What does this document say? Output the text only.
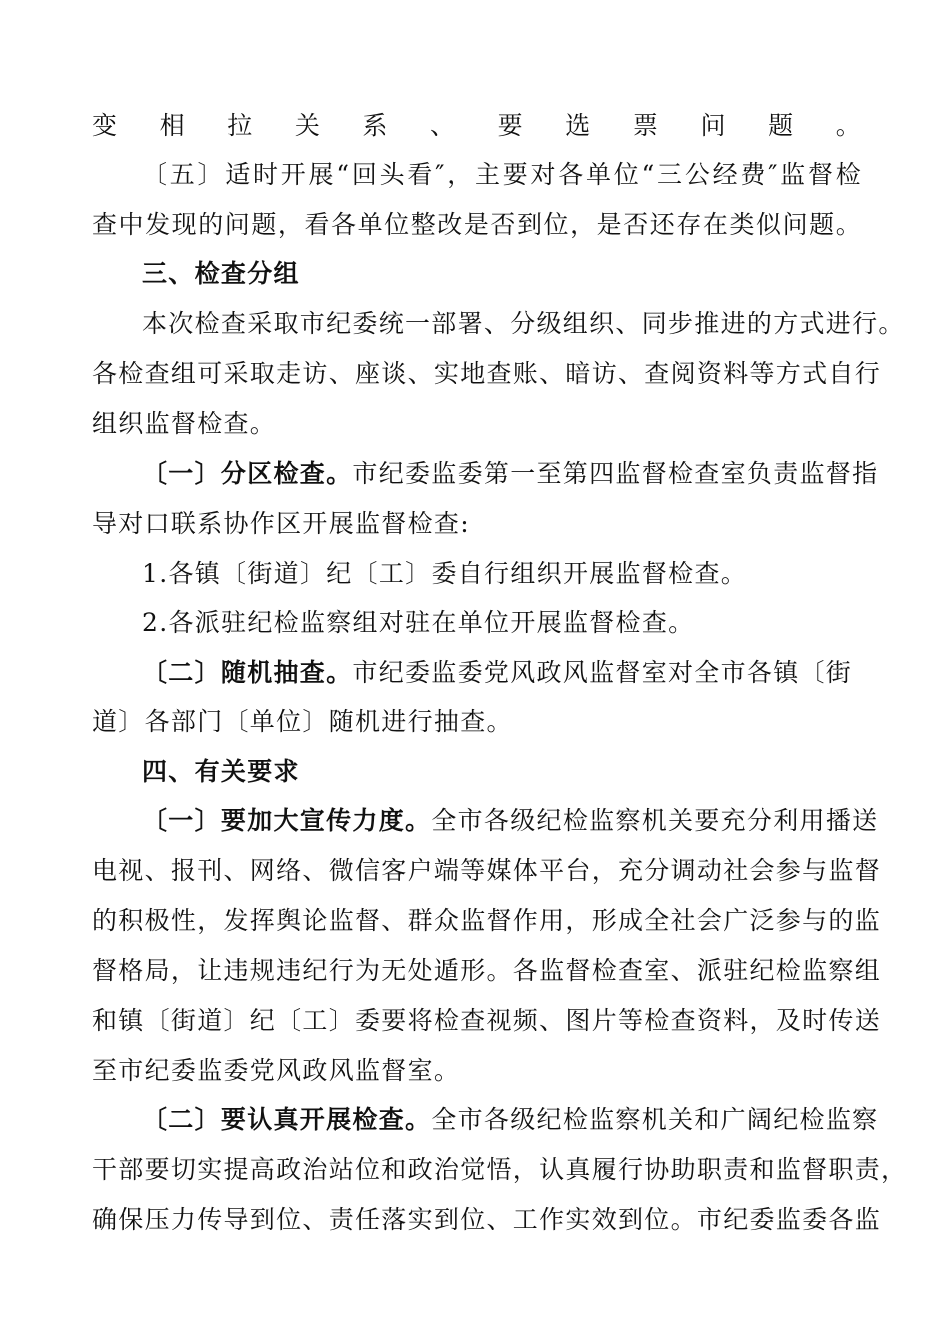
变相拉关系、要选票问题。
〔五〕适时开展“回头看″，主要对各单位“三公经费″监督检
查中发现的问题，看各单位整改是否到位，是否还存在类似问题。
三、检查分组
本次检查采取市纪委统一部署、分级组织、同步推进的方式进行。
各检查组可采取走访、座谈、实地查账、暗访、查阅资料等方式自行
组织监督检查。
〔一〕分区检查。市纪委监委第一至第四监督检查室负责监督指
导对口联系协作区开展监督检查:
1.各镇〔街道〕纪〔工〕委自行组织开展监督检查。
2.各派驻纪检监察组对驻在单位开展监督检查。
〔二〕随机抽查。市纪委监委党风政风监督室对全市各镇〔街
道〕各部门〔单位〕随机进行抽查。
四、有关要求
〔一〕要加大宣传力度。全市各级纪检监察机关要充分利用播送
电视、报刊、网络、微信客户端等媒体平台，充分调动社会参与监督
的积极性，发挥舆论监督、群众监督作用，形成全社会广泛参与的监
督格局，让违规违纪行为无处遁形。各监督检查室、派驻纪检监察组
和镇〔街道〕纪〔工〕委要将检查视频、图片等检查资料，及时传送
至市纪委监委党风政风监督室。
〔二〕要认真开展检查。全市各级纪检监察机关和广阔纪检监察
干部要切实提高政治站位和政治觉悟，认真履行协助职责和监督职责，
确保压力传导到位、责任落实到位、工作实效到位。市纪委监委各监
